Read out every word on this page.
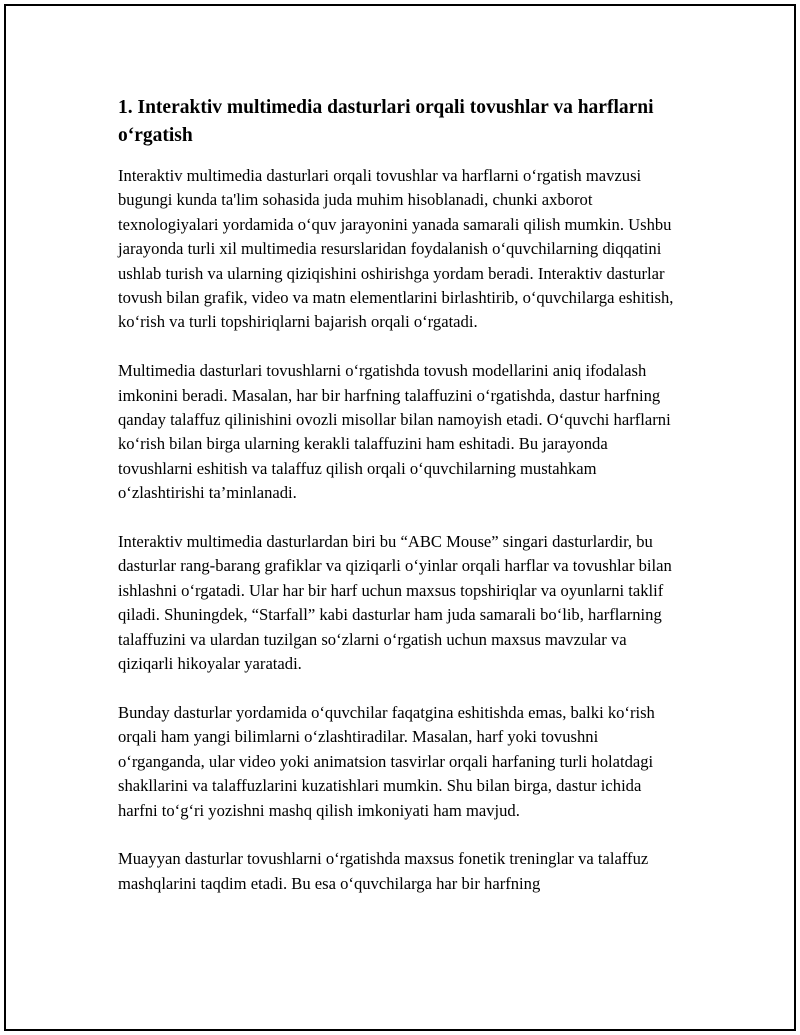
1. Interaktiv multimedia dasturlari orqali tovushlar va harflarni o‘rgatish

Interaktiv multimedia dasturlari orqali tovushlar va harflarni o‘rgatish mavzusi bugungi kunda ta'lim sohasida juda muhim hisoblanadi, chunki axborot texnologiyalari yordamida o‘quv jarayonini yanada samarali qilish mumkin. Ushbu jarayonda turli xil multimedia resurslaridan foydalanish o‘quvchilarning diqqatini ushlab turish va ularning qiziqishini oshirishga yordam beradi. Interaktiv dasturlar tovush bilan grafik, video va matn elementlarini birlashtirib, o‘quvchilarga eshitish, ko‘rish va turli topshiriqlarni bajarish orqali o‘rgatadi.

Multimedia dasturlari tovushlarni o‘rgatishda tovush modellarini aniq ifodalash imkonini beradi. Masalan, har bir harfning talaffuzini o‘rgatishda, dastur harfning qanday talaffuz qilinishini ovozli misollar bilan namoyish etadi. O‘quvchi harflarni ko‘rish bilan birga ularning kerakli talaffuzini ham eshitadi. Bu jarayonda tovushlarni eshitish va talaffuz qilish orqali o‘quvchilarning mustahkam o‘zlashtirishi ta’minlanadi.

Interaktiv multimedia dasturlardan biri bu “ABC Mouse” singari dasturlardir, bu dasturlar rang-barang grafiklar va qiziqarli o‘yinlar orqali harflar va tovushlar bilan ishlashni o‘rgatadi. Ular har bir harf uchun maxsus topshiriqlar va oyunlarni taklif qiladi. Shuningdek, “Starfall” kabi dasturlar ham juda samarali bo‘lib, harflarning talaffuzini va ulardan tuzilgan so‘zlarni o‘rgatish uchun maxsus mavzular va qiziqarli hikoyalar yaratadi.

Bunday dasturlar yordamida o‘quvchilar faqatgina eshitishda emas, balki ko‘rish orqali ham yangi bilimlarni o‘zlashtiradilar. Masalan, harf yoki tovushni o‘rganganda, ular video yoki animatsion tasvirlar orqali harfaning turli holatdagi shakllarini va talaffuzlarini kuzatishlari mumkin. Shu bilan birga, dastur ichida harfni to‘g‘ri yozishni mashq qilish imkoniyati ham mavjud.

Muayyan dasturlar tovushlarni o‘rgatishda maxsus fonetik treninglar va talaffuz mashqlarini taqdim etadi. Bu esa o‘quvchilarga har bir harfning
